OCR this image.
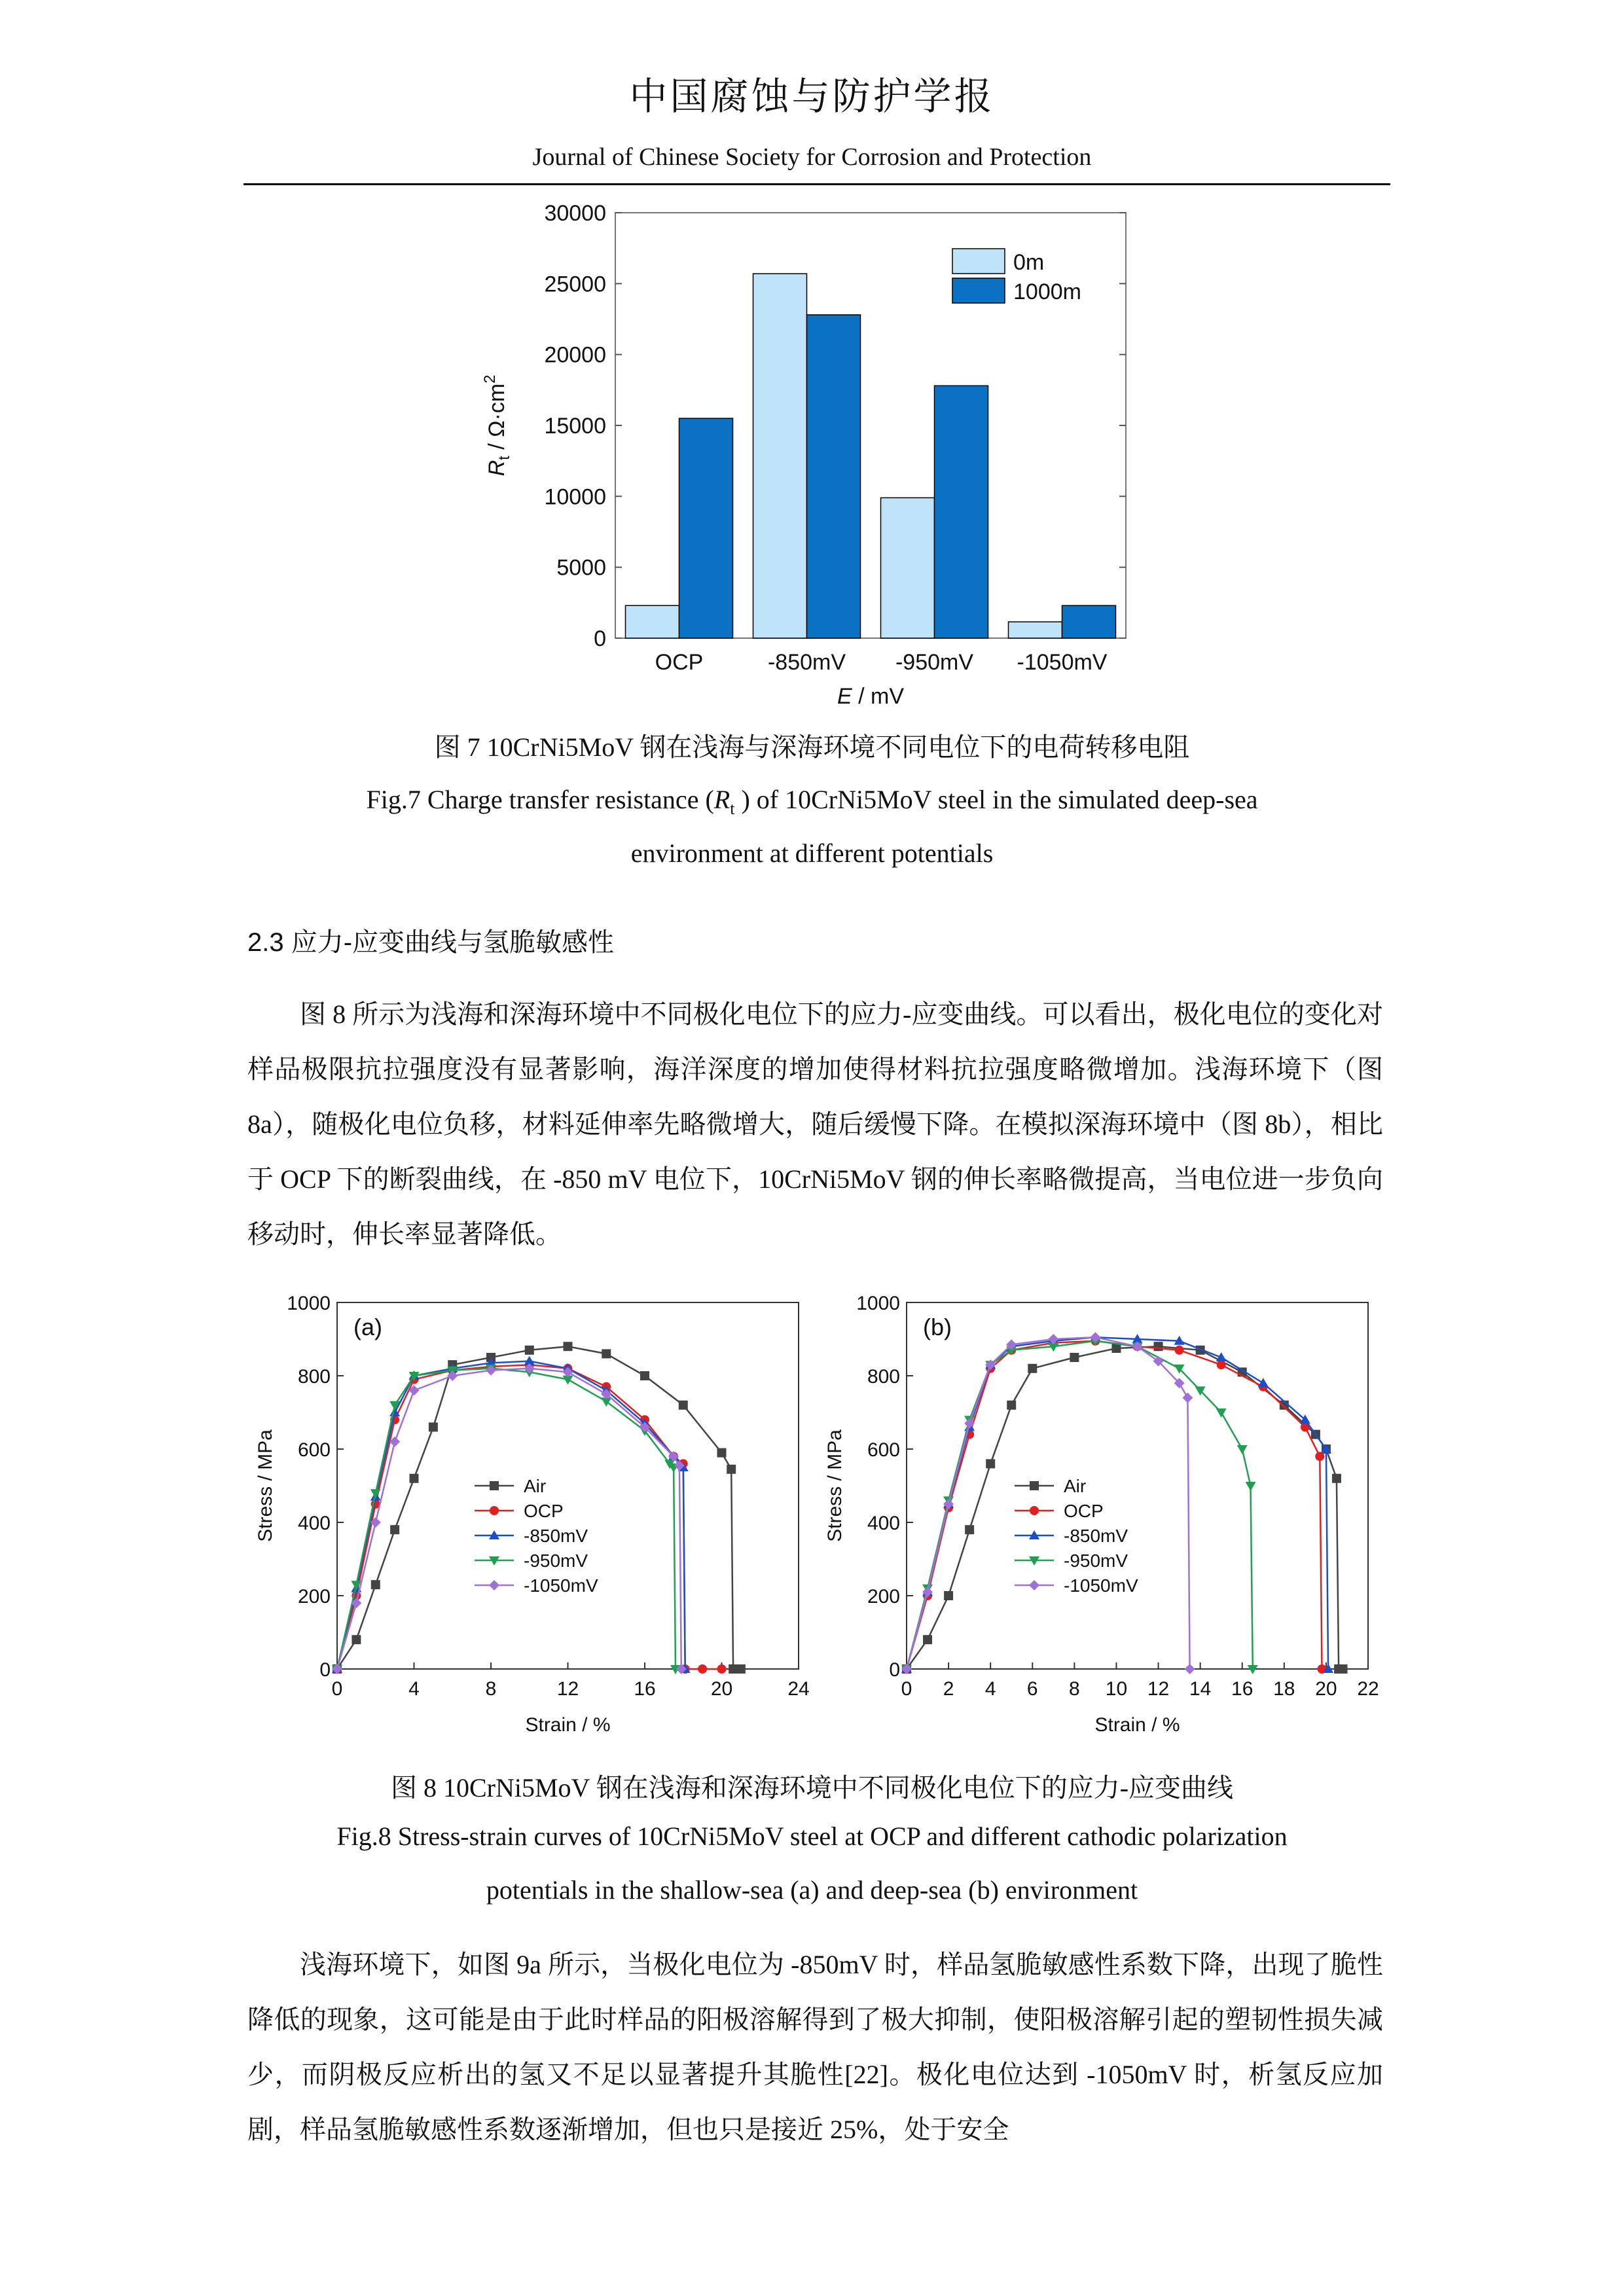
中国腐蚀与防护学报
Journal of Chinese Society for Corrosion and Protection
0
5000
10000
15000
20000
25000
30000
OCP	-850mV -950mV -1050mV
0m
1000m
$R_t / \Omega\cdot cm^2$
E / mV
图 7 10CrNi5MoV 钢在浅海与深海环境不同电位下的电荷转移电阻
Fig.7 Charge transfer resistance ($R_t$ ) of 10CrNi5MoV steel in the simulated deep-sea
environment at different potentials
2.3 应力-应变曲线与氢脆敏感性

图 8 所示为浅海和深海环境中不同极化电位下的应力-应变曲线。可以看出，极化电位的变化对样品极限抗拉强度没有显著影响，海洋深度的增加使得材料抗拉强度略微增加。浅海环境下（图 8a），随极化电位负移，材料延伸率先略微增大，随后缓慢下降。在模拟深海环境中（图 8b），相比于 OCP 下的断裂曲线，在 -850 mV 电位下，10CrNi5MoV 钢的伸长率略微提高，当电位进一步负向移动时，伸长率显著降低。

0
200
400
600
800
1000
0	4	8	12	16	20	24
Strain / %
Stress / MPa
(a)
Air
OCP
-850mV
-950mV
-1050mV
0
200
400
600
800
1000
0 2 4 6 8 10 12 14 16 18 20 22
Strain / %
Stress / MPa
(b)
Air
OCP
-850mV
-950mV
-1050mV
图 8 10CrNi5MoV 钢在浅海和深海环境中不同极化电位下的应力-应变曲线
Fig.8 Stress-strain curves of 10CrNi5MoV steel at OCP and different cathodic polarization
potentials in the shallow-sea (a) and deep-sea (b) environment

浅海环境下，如图 9a 所示，当极化电位为 -850mV 时，样品氢脆敏感性系数下降，出现了脆性降低的现象，这可能是由于此时样品的阳极溶解得到了极大抑制，使阳极溶解引起的塑韧性损失减少，而阴极反应析出的氢又不足以显著提升其脆性[22]。极化电位达到 -1050mV 时，析氢反应加剧，样品氢脆敏感性系数逐渐增加，但也只是接近 25%，处于安全
